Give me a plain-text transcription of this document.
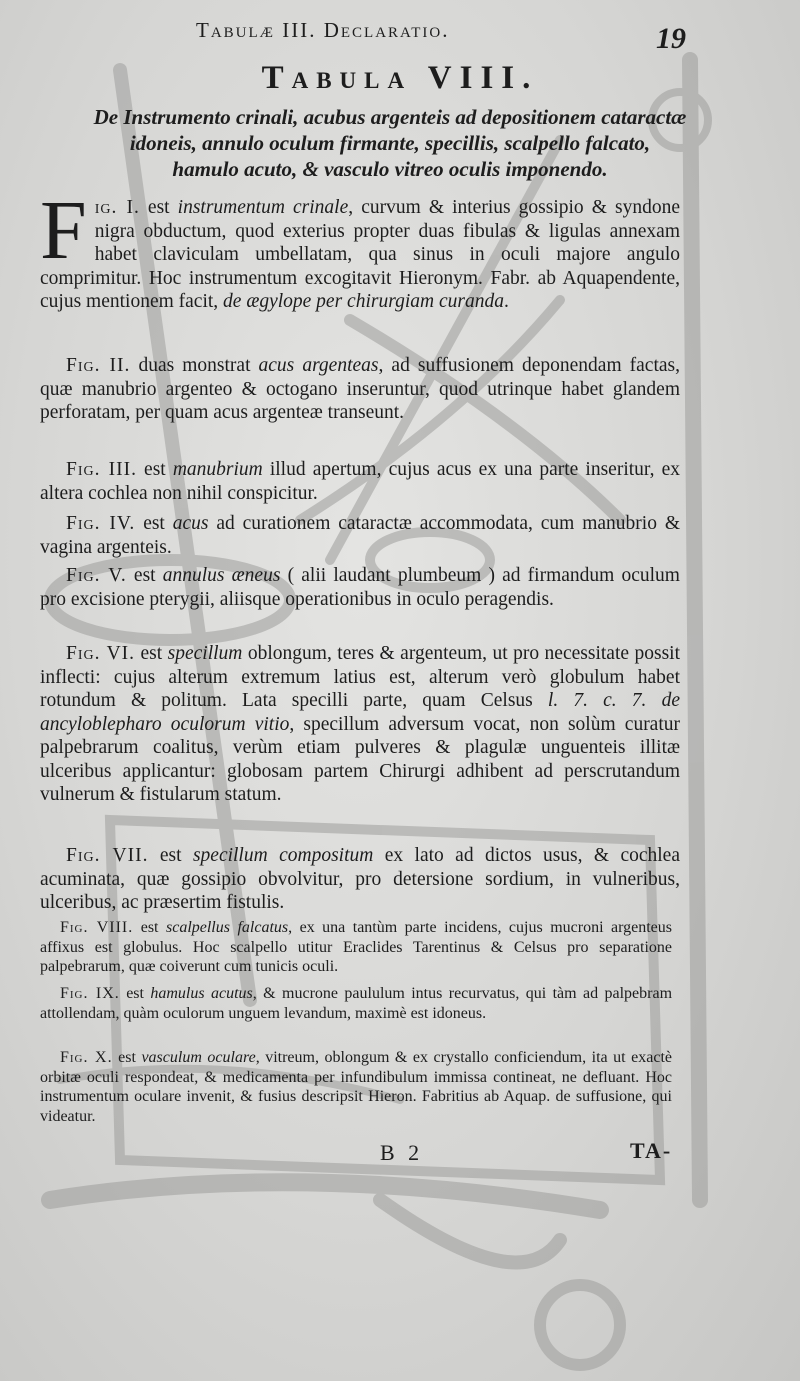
Tabulæ III. Declaratio.	19
Tabula VIII.
De Instrumento crinali, acubus argenteis ad depositionem cataractæ
idoneis, annulo oculum firmante, specillis, scalpello falcato,
hamulo acuto, & vasculo vitreo oculis imponendo.

Fig. I. est instrumentum crinale, curvum & interius gossipio & syndone nigra obductum, quod exterius propter duas fibulas & ligulas annexam habet claviculam umbellatam, qua sinus in oculi majore angulo comprimitur. Hoc instrumentum excogitavit Hieronym. Fabr. ab Aquapendente, cujus mentionem facit, de ægylope per chirurgiam curanda.

Fig. II. duas monstrat acus argenteas, ad suffusionem deponendam factas, quæ manubrio argenteo & octogano inseruntur, quod utrinque habet glandem perforatam, per quam acus argenteæ transeunt.

Fig. III. est manubrium illud apertum, cujus acus ex una parte inseritur, ex altera cochlea non nihil conspicitur.

Fig. IV. est acus ad curationem cataractæ accommodata, cum manubrio & vagina argenteis.

Fig. V. est annulus æneus ( alii laudant plumbeum ) ad firmandum oculum pro excisione pterygii, aliisque operationibus in oculo peragendis.

Fig. VI. est specillum oblongum, teres & argenteum, ut pro necessitate possit inflecti: cujus alterum extremum latius est, alterum verò globulum habet rotundum & politum. Lata specilli parte, quam Celsus l. 7. c. 7. de ancyloblepharo oculorum vitio, specillum adversum vocat, non solùm curatur palpebrarum coalitus, verùm etiam pulveres & plagulæ unguenteis illitæ ulceribus applicantur: globosam partem Chirurgi adhibent ad perscrutandum vulnerum & fistularum statum.

Fig. VII. est specillum compositum ex lato ad dictos usus, & cochlea acuminata, quæ gossipio obvolvitur, pro detersione sordium, in vulneribus, ulceribus, ac præsertim fistulis.

Fig. VIII. est scalpellus falcatus, ex una tantùm parte incidens, cujus mucroni argenteus affixus est globulus. Hoc scalpello utitur Eraclides Tarentinus & Celsus pro separatione palpebrarum, quæ coiverunt cum tunicis oculi.

Fig. IX. est hamulus acutus, & mucrone paululum intus recurvatus, qui tàm ad palpebram attollendam, quàm oculorum unguem levandum, maximè est idoneus.

Fig. X. est vasculum oculare, vitreum, oblongum & ex crystallo conficiendum, ita ut exactè orbitæ oculi respondeat, & medicamenta per infundibulum immissa contineat, ne defluant. Hoc instrumentum oculare invenit, & fusius descripsit Hieron. Fabritius ab Aquap. de suffusione, qui videatur.

B 2	TA-
